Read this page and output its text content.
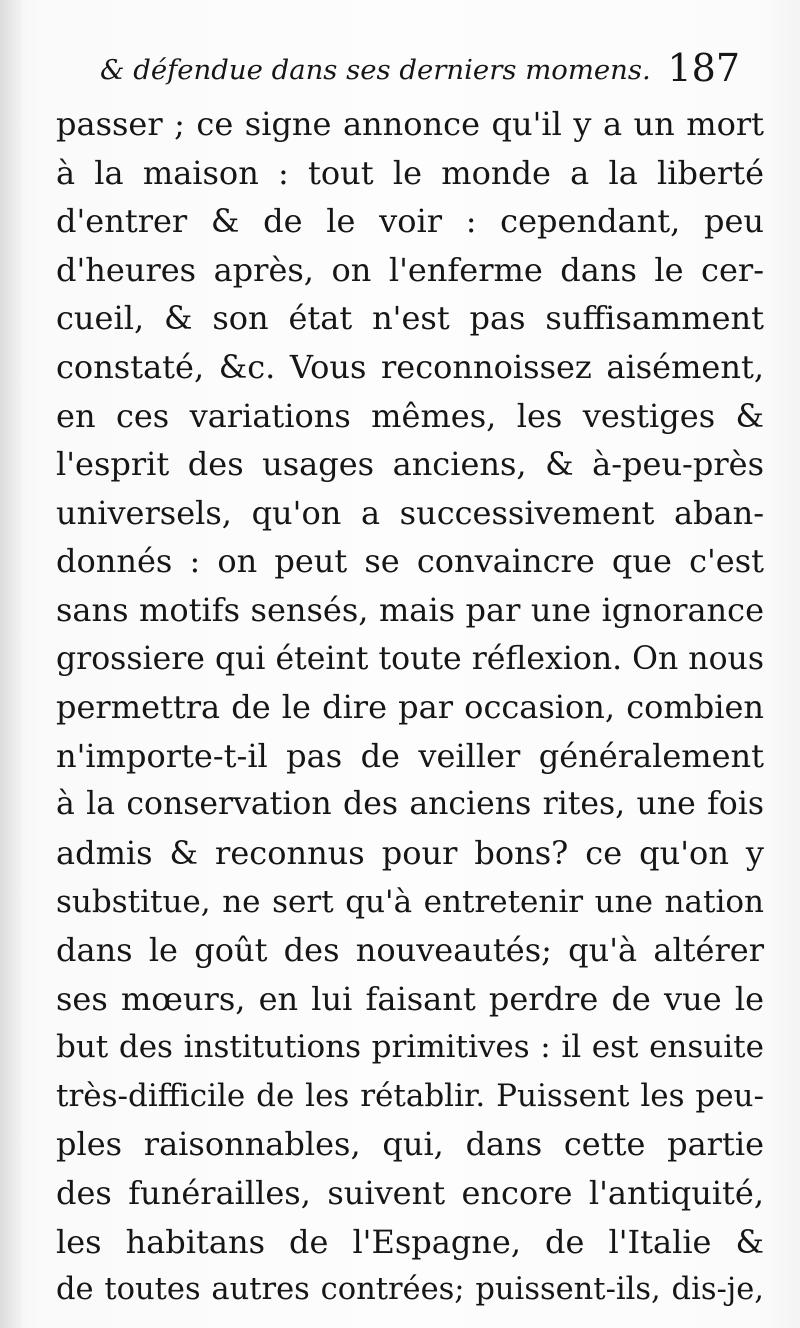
& défendue dans ses derniers momens. 187
passer ; ce signe annonce qu'il y a un mort
à la maison : tout le monde a la liberté
d'entrer & de le voir : cependant, peu
d'heures après, on l'enferme dans le cer-
cueil, & son état n'est pas suffisamment
constaté, &c. Vous reconnoissez aisément,
en ces variations mêmes, les vestiges &
l'esprit des usages anciens, & à-peu-près
universels, qu'on a successivement aban-
donnés : on peut se convaincre que c'est
sans motifs sensés, mais par une ignorance
grossiere qui éteint toute réflexion. On nous
permettra de le dire par occasion, combien
n'importe-t-il pas de veiller généralement
à la conservation des anciens rites, une fois
admis & reconnus pour bons? ce qu'on y
substitue, ne sert qu'à entretenir une nation
dans le goût des nouveautés; qu'à altérer
ses mœurs, en lui faisant perdre de vue le
but des institutions primitives : il est ensuite
très-difficile de les rétablir. Puissent les peu-
ples raisonnables, qui, dans cette partie
des funérailles, suivent encore l'antiquité,
les habitans de l'Espagne, de l'Italie &
de toutes autres contrées; puissent-ils, dis-je,
